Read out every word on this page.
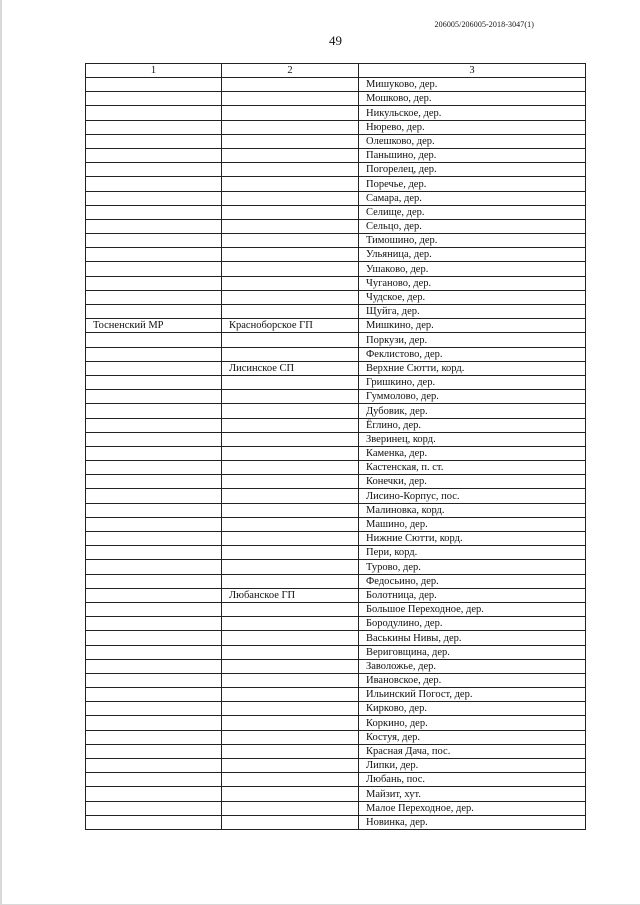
206005/206005-2018-3047(1)
49
1	2	3
		Мишуково, дер.
		Мошково, дер.
		Никульское, дер.
		Нюрево, дер.
		Олешково, дер.
		Паньшино, дер.
		Погорелец, дер.
		Поречье, дер.
		Самара, дер.
		Селище, дер.
		Сельцо, дер.
		Тимошино, дер.
		Ульяница, дер.
		Ушаково, дер.
		Чуганово, дер.
		Чудское, дер.
		Щуйга, дер.
Тосненский МР	Красноборское ГП	Мишкино, дер.
		Поркузи, дер.
		Феклистово, дер.
	Лисинское СП	Верхние Сютти, корд.
		Гришкино, дер.
		Гуммолово, дер.
		Дубовик, дер.
		Ёглино, дер.
		Зверинец, корд.
		Каменка, дер.
		Кастенская, п. ст.
		Конечки, дер.
		Лисино-Корпус, пос.
		Малиновка, корд.
		Машино, дер.
		Нижние Сютти, корд.
		Пери, корд.
		Турово, дер.
		Федосьино, дер.
	Любанское ГП	Болотница, дер.
		Большое Переходное, дер.
		Бородулино, дер.
		Васькины Нивы, дер.
		Вериговщина, дер.
		Заволожье, дер.
		Ивановское, дер.
		Ильинский Погост, дер.
		Кирково, дер.
		Коркино, дер.
		Костуя, дер.
		Красная Дача, пос.
		Липки, дер.
		Любань, пос.
		Майзит, хут.
		Малое Переходное, дер.
		Новинка, дер.
